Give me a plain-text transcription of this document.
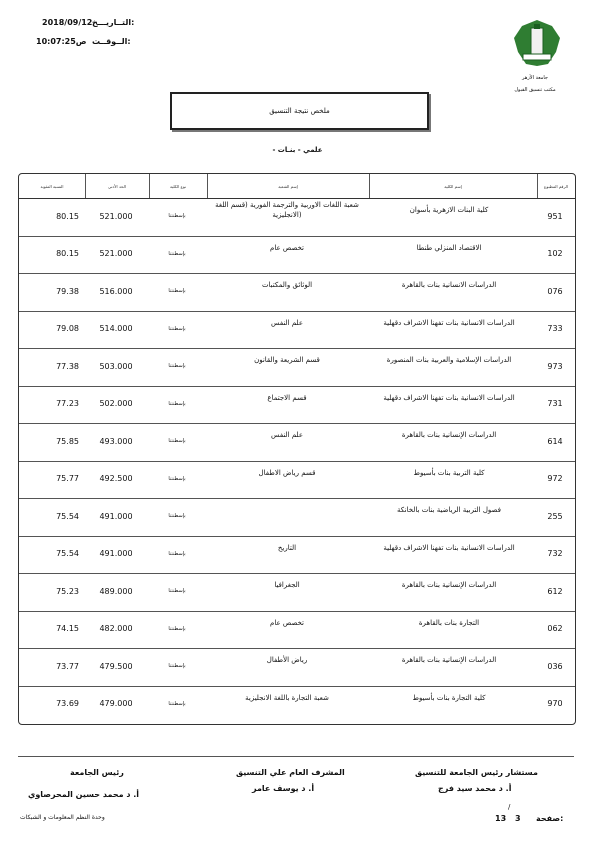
2018/09/12 التــاريـــخ:
ص10:07:25 الــوقــت:
جامعة الأزهر
مكتب تنسيق القبول
ملخص نتيجة التنسيق
- علمي - بنـات
الرقم المطبوع
إسم الكلية
إسم الشعبة
نوع الكلية
الحد الأدني
النسبة المئوية
951
كلية البنات الازهرية بأسوان
شعبة اللغات الاوربية والترجمة الفورية (قسم اللغة (الانجليزية
بإسطنتنا
521.000
80.15
102
الاقتصاد المنزلي طنطا
تخصص عام
بإسطنتنا
521.000
80.15
076
الدراسات الانسانية بنات بالقاهرة
الوثائق والمكتبات
بإسطنتنا
516.000
79.38
733
الدراسات الانسانية بنات تفهنا الاشراف دقهلية
علم النفس
بإسطنتنا
514.000
79.08
973
الدراسات الإسلامية والعربية بنات المنصورة
قسم الشريعة والقانون
بإسطنتنا
503.000
77.38
731
الدراسات الانسانية بنات تفهنا الاشراف دقهلية
قسم الاجتماع
بإسطنتنا
502.000
77.23
614
الدراسات الإنسانية بنات بالقاهرة
علم النفس
بإسطنتنا
493.000
75.85
972
كلية التربية بنات بأسيوط
قسم رياض الاطفال
بإسطنتنا
492.500
75.77
255
فصول التربية الرياضية بنات بالخانكة
بإسطنتنا
491.000
75.54
732
الدراسات الانسانية بنات تفهنا الاشراف دقهلية
التاريخ
بإسطنتنا
491.000
75.54
612
الدراسات الإنسانية بنات بالقاهرة
الجغرافيا
بإسطنتنا
489.000
75.23
062
التجارة بنات بالقاهرة
تخصص عام
بإسطنتنا
482.000
74.15
036
الدراسات الإنسانية بنات بالقاهرة
رياض الأطفال
بإسطنتنا
479.500
73.77
970
كلية التجارة بنات بأسيوط
شعبة التجارة باللغة الانجليزية
بإسطنتنا
479.000
73.69
مستشار رئيس الجامعة للتنسيق
أ. د محمد سيد فرج
المشرف العام علي التنسيق
أ. د يوسف عامر
رئيس الجامعة
أ. د محمد حسين المحرصاوي
صفحة:
3
/
13
وحدة النظم المعلومات و الشبكات
